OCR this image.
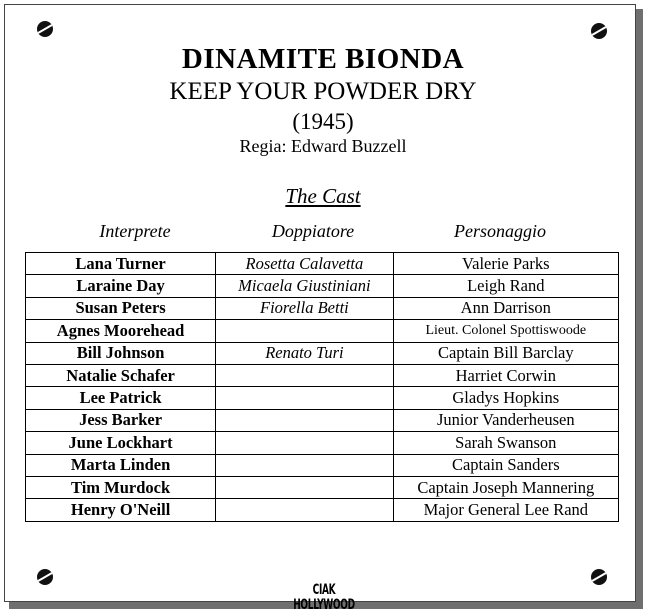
DINAMITE BIONDA
KEEP YOUR POWDER DRY
(1945)
Regia: Edward Buzzell
The Cast
Interprete	Doppiatore	Personaggio
Lana Turner	Rosetta Calavetta	Valerie Parks
Laraine Day	Micaela Giustiniani	Leigh Rand
Susan Peters	Fiorella Betti	Ann Darrison
Agnes Moorehead		Lieut. Colonel Spottiswoode
Bill Johnson	Renato Turi	Captain Bill Barclay
Natalie Schafer		Harriet Corwin
Lee Patrick		Gladys Hopkins
Jess Barker		Junior Vanderheusen
June Lockhart		Sarah Swanson
Marta Linden		Captain Sanders
Tim Murdock		Captain Joseph Mannering
Henry O'Neill		Major General Lee Rand
CIAK HOLLYWOOD
